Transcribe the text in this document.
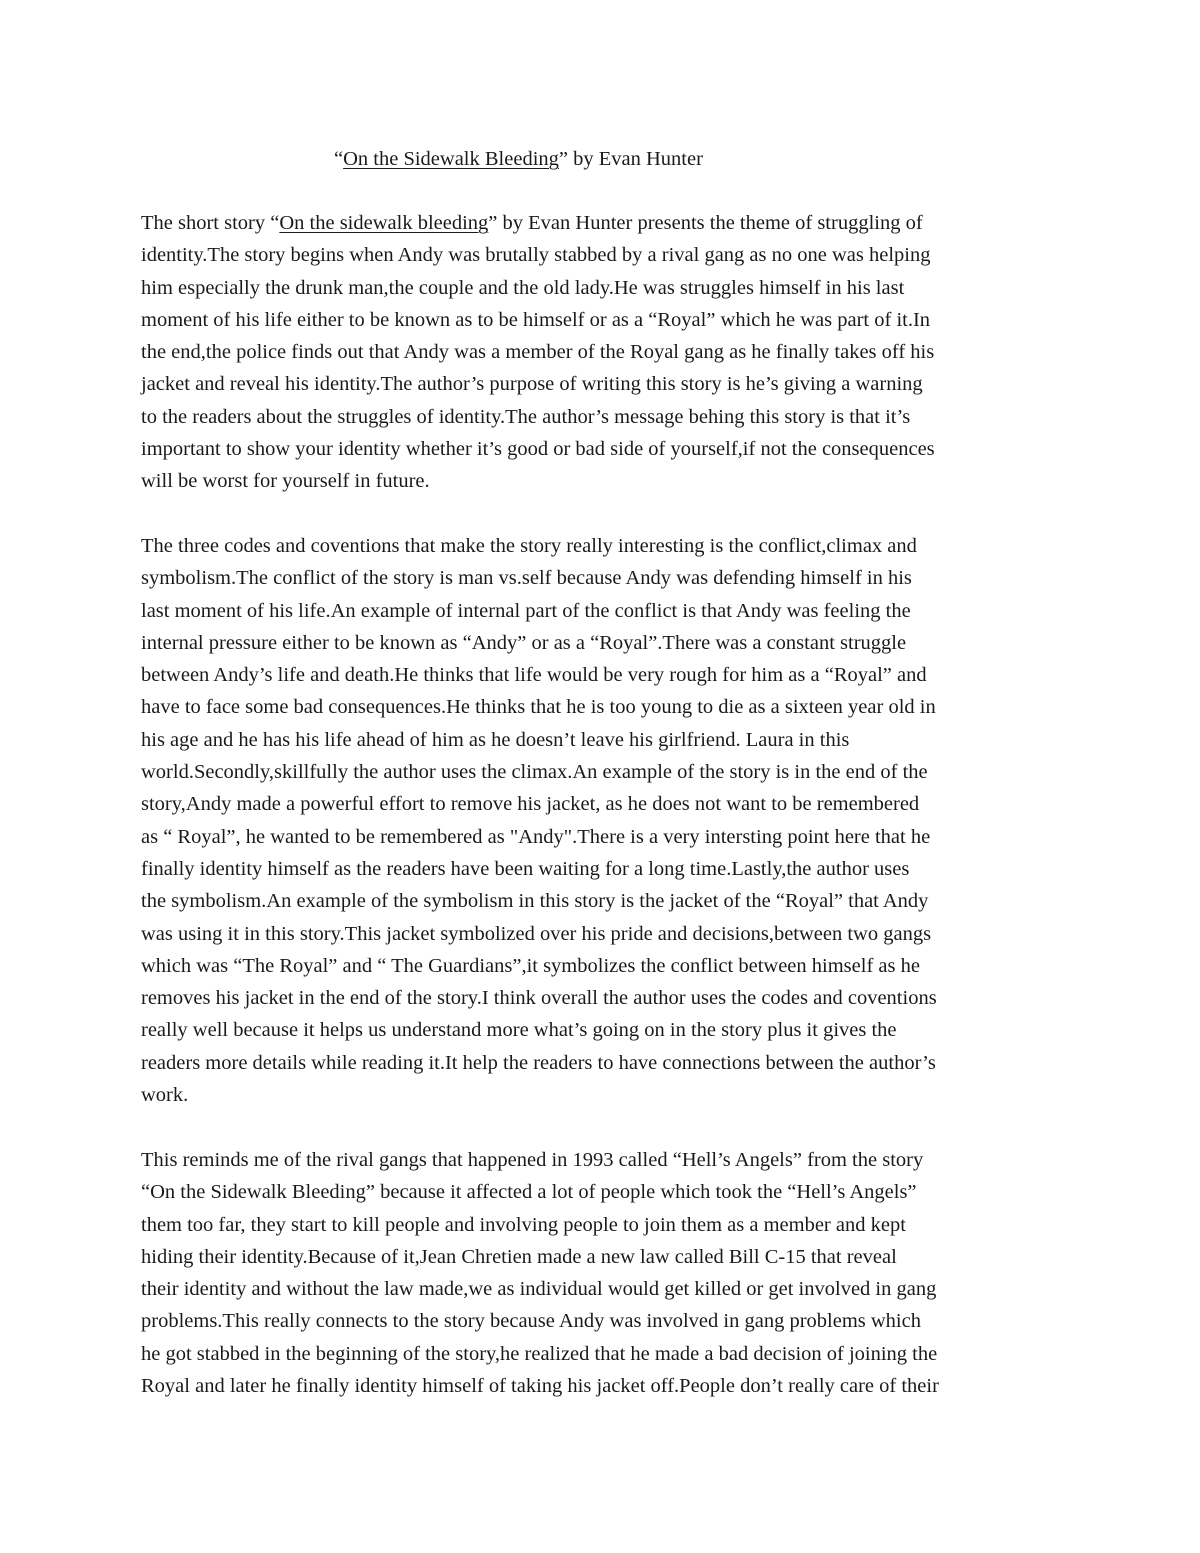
“On the Sidewalk Bleeding” by Evan Hunter
The short story “On the sidewalk bleeding” by Evan Hunter presents the theme of struggling of
identity.The story begins when Andy was brutally stabbed by a rival gang as no one was helping
him especially the drunk man,the couple and the old lady.He was struggles himself in his last
moment of his life either to be known as to be himself or as a “Royal” which he was part of it.In
the end,the police finds out that Andy was a member of the Royal gang as he finally takes off his
jacket and reveal his identity.The author’s purpose of writing this story is he’s giving a warning
to the readers about the struggles of identity.The author’s message behing this story is that it’s
important to show your identity whether it’s good or bad side of yourself,if not the consequences
will be worst for yourself in future.
The three codes and coventions that make the story really interesting is the conflict,climax and
symbolism.The conflict of the story is man vs.self because Andy was defending himself in his
last moment of his life.An example of internal part of the conflict is that Andy was feeling the
internal pressure either to be known as “Andy” or as a “Royal”.There was a constant struggle
between Andy’s life and death.He thinks that life would be very rough for him as a “Royal” and
have to face some bad consequences.He thinks that he is too young to die as a sixteen year old in
his age and he has his life ahead of him as he doesn’t leave his girlfriend. Laura in this
world.Secondly,skillfully the author uses the climax.An example of the story is in the end of the
story,Andy made a powerful effort to remove his jacket, as he does not want to be remembered
as “ Royal”, he wanted to be remembered as "Andy".There is a very intersting point here that he
finally identity himself as the readers have been waiting for a long time.Lastly,the author uses
the symbolism.An example of the symbolism in this story is the jacket of the “Royal” that Andy
was using it in this story.This jacket symbolized over his pride and decisions,between two gangs
which was “The Royal” and “ The Guardians”,it symbolizes the conflict between himself as he
removes his jacket in the end of the story.I think overall the author uses the codes and coventions
really well because it helps us understand more what’s going on in the story plus it gives the
readers more details while reading it.It help the readers to have connections between the author’s
work.
This reminds me of the rival gangs that happened in 1993 called “Hell’s Angels” from the story
“On the Sidewalk Bleeding” because it affected a lot of people which took the “Hell’s Angels”
them too far, they start to kill people and involving people to join them as a member and kept
hiding their identity.Because of it,Jean Chretien made a new law called Bill C-15 that reveal
their identity and without the law made,we as individual would get killed or get involved in gang
problems.This really connects to the story because Andy was involved in gang problems which
he got stabbed in the beginning of the story,he realized that he made a bad decision of joining the
Royal and later he finally identity himself of taking his jacket off.People don’t really care of their
